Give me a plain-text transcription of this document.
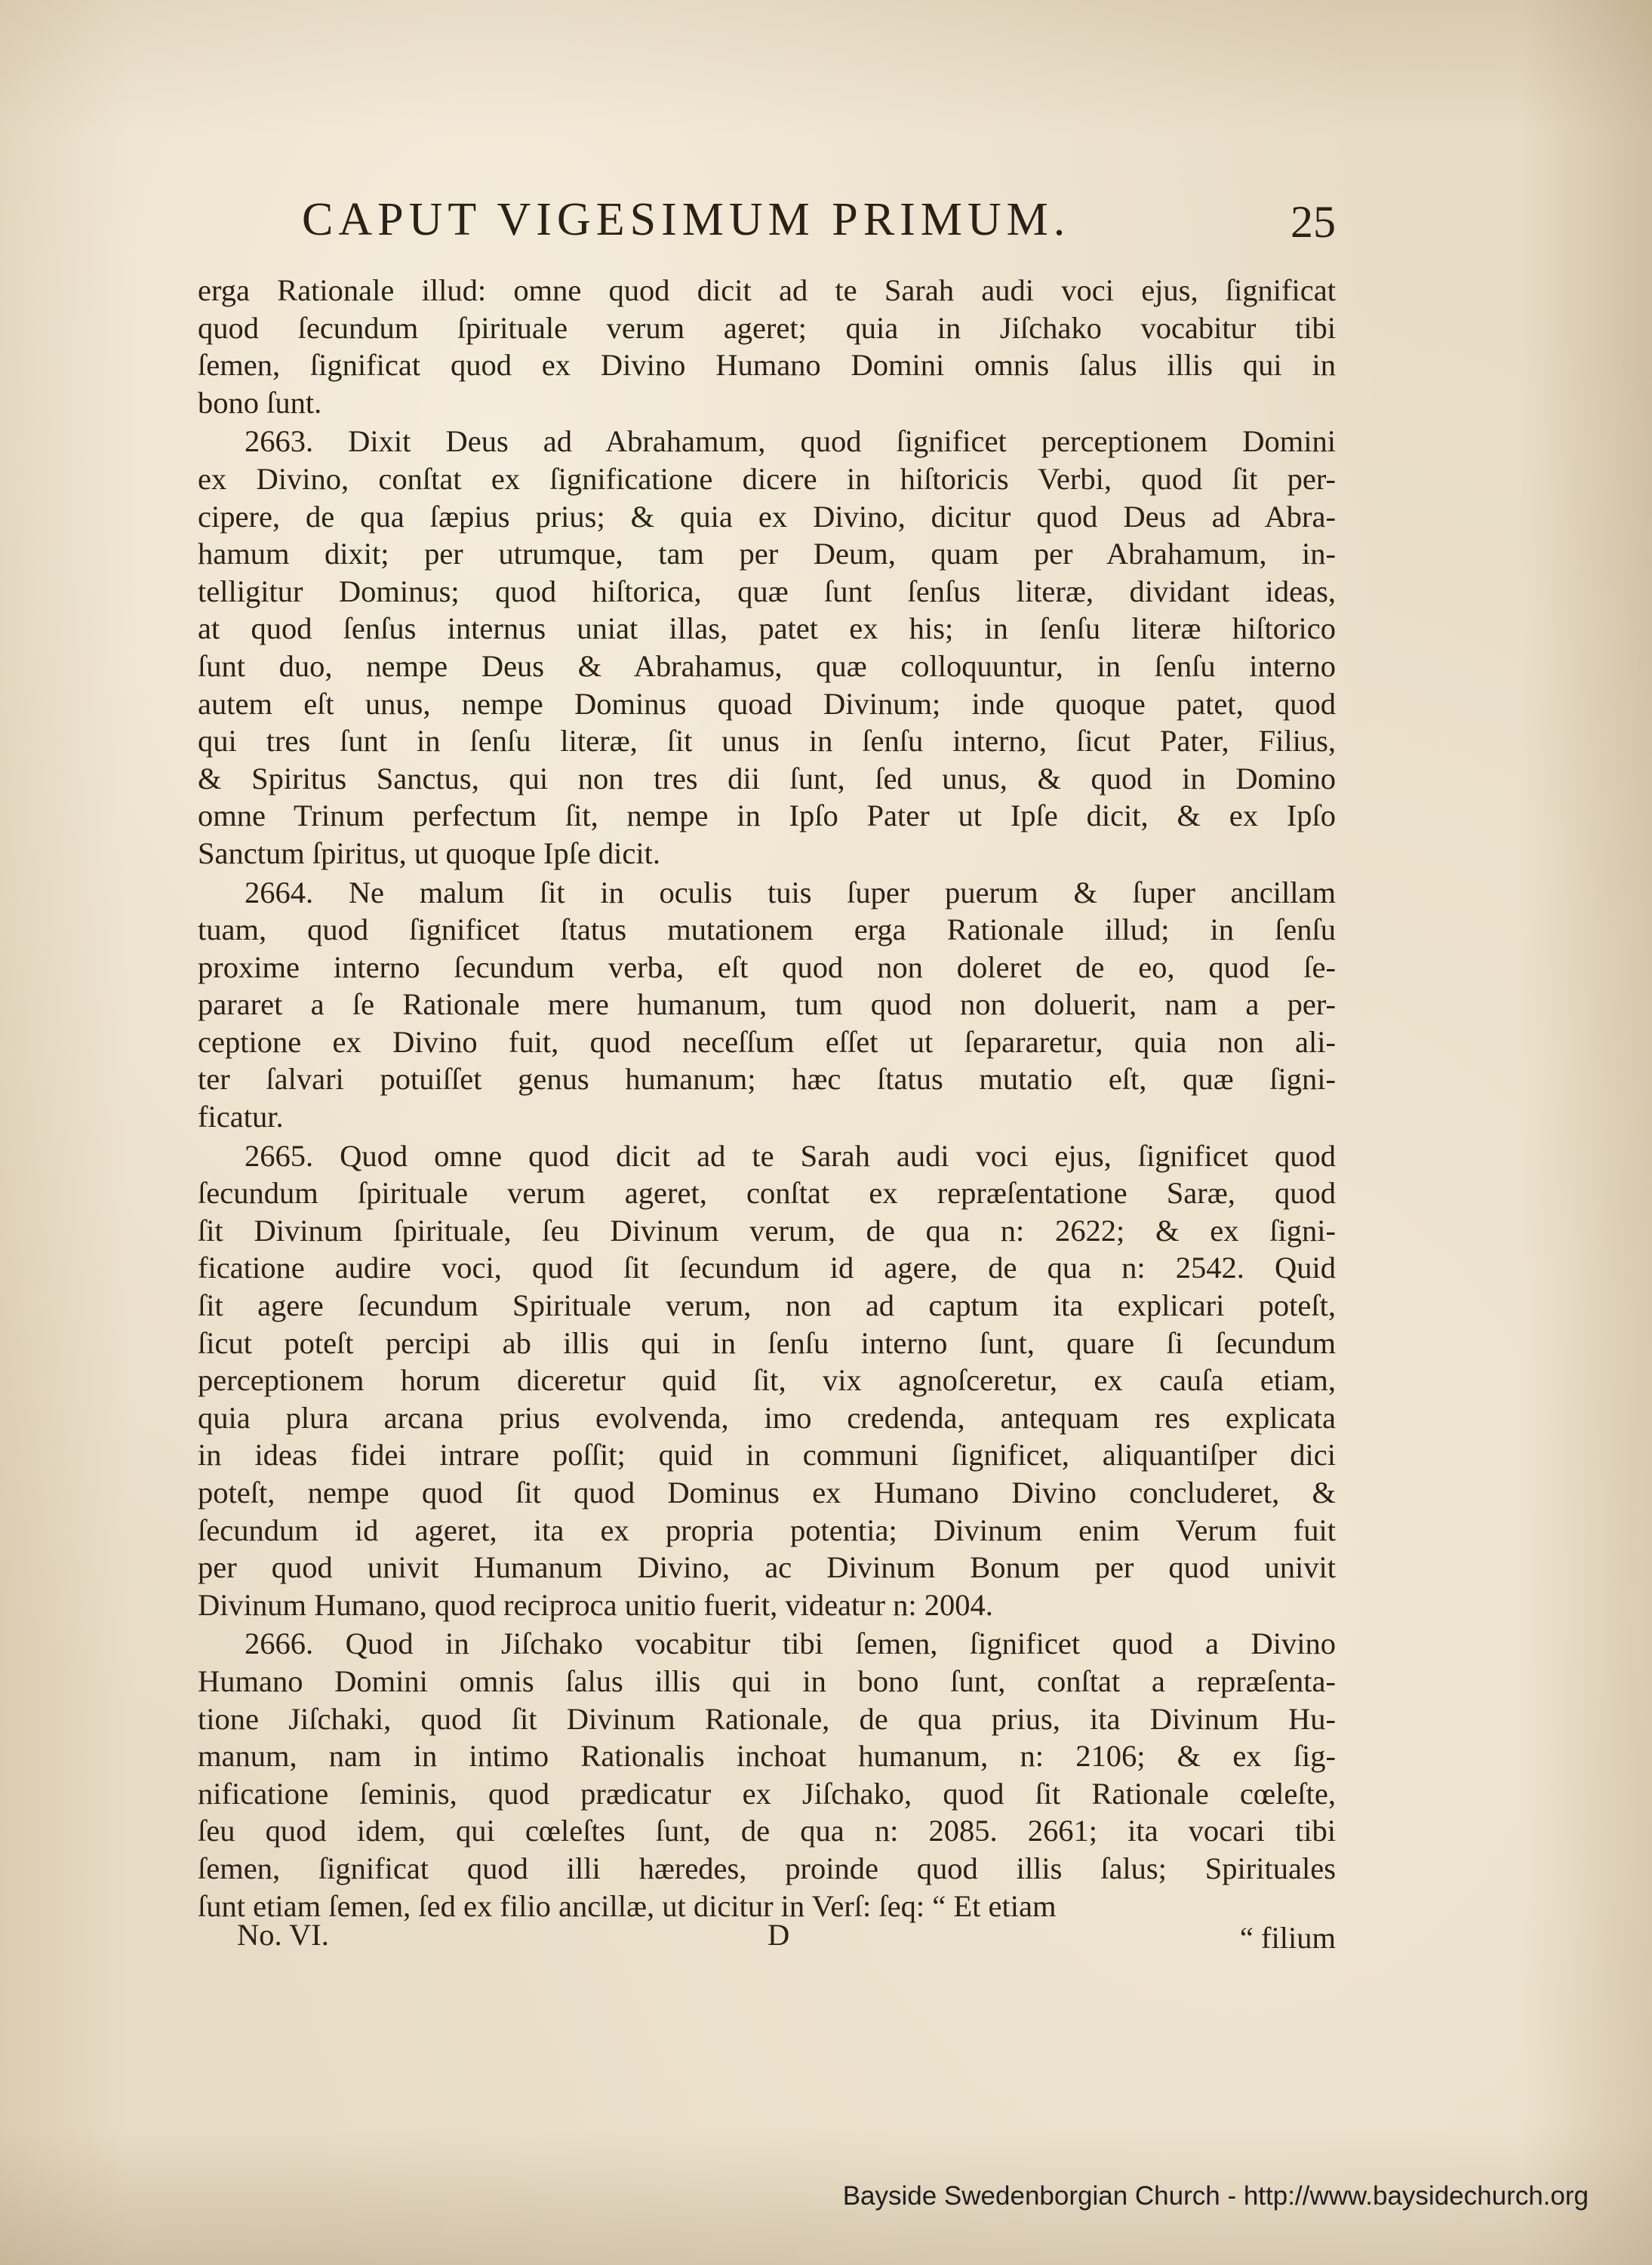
CAPUT VIGESIMUM PRIMUM.	25
erga Rationale illud: omne quod dicit ad te Sarah audi voci ejus, ſignificat
quod ſecundum ſpirituale verum ageret; quia in Jiſchako vocabitur tibi
ſemen, ſignificat quod ex Divino Humano Domini omnis ſalus illis qui in
bono ſunt.
2663. Dixit Deus ad Abrahamum, quod ſignificet perceptionem Domini
ex Divino, conſtat ex ſignificatione dicere in hiſtoricis Verbi, quod ſit per-
cipere, de qua ſæpius prius; & quia ex Divino, dicitur quod Deus ad Abra-
hamum dixit; per utrumque, tam per Deum, quam per Abrahamum, in-
telligitur Dominus; quod hiſtorica, quæ ſunt ſenſus literæ, dividant ideas,
at quod ſenſus internus uniat illas, patet ex his; in ſenſu literæ hiſtorico
ſunt duo, nempe Deus & Abrahamus, quæ colloquuntur, in ſenſu interno
autem eſt unus, nempe Dominus quoad Divinum; inde quoque patet, quod
qui tres ſunt in ſenſu literæ, ſit unus in ſenſu interno, ſicut Pater, Filius,
& Spiritus Sanctus, qui non tres dii ſunt, ſed unus, & quod in Domino
omne Trinum perfectum ſit, nempe in Ipſo Pater ut Ipſe dicit, & ex Ipſo
Sanctum ſpiritus, ut quoque Ipſe dicit.
2664. Ne malum ſit in oculis tuis ſuper puerum & ſuper ancillam
tuam, quod ſignificet ſtatus mutationem erga Rationale illud; in ſenſu
proxime interno ſecundum verba, eſt quod non doleret de eo, quod ſe-
pararet a ſe Rationale mere humanum, tum quod non doluerit, nam a per-
ceptione ex Divino fuit, quod neceſſum eſſet ut ſepararetur, quia non ali-
ter ſalvari potuiſſet genus humanum; hæc ſtatus mutatio eſt, quæ ſigni-
ficatur.
2665. Quod omne quod dicit ad te Sarah audi voci ejus, ſignificet quod
ſecundum ſpirituale verum ageret, conſtat ex repræſentatione Saræ, quod
ſit Divinum ſpirituale, ſeu Divinum verum, de qua n: 2622; & ex ſigni-
ficatione audire voci, quod ſit ſecundum id agere, de qua n: 2542. Quid
ſit agere ſecundum Spirituale verum, non ad captum ita explicari poteſt,
ſicut poteſt percipi ab illis qui in ſenſu interno ſunt, quare ſi ſecundum
perceptionem horum diceretur quid ſit, vix agnoſceretur, ex cauſa etiam,
quia plura arcana prius evolvenda, imo credenda, antequam res explicata
in ideas fidei intrare poſſit; quid in communi ſignificet, aliquantiſper dici
poteſt, nempe quod ſit quod Dominus ex Humano Divino concluderet, &
ſecundum id ageret, ita ex propria potentia; Divinum enim Verum fuit
per quod univit Humanum Divino, ac Divinum Bonum per quod univit
Divinum Humano, quod reciproca unitio fuerit, videatur n: 2004.
2666. Quod in Jiſchako vocabitur tibi ſemen, ſignificet quod a Divino
Humano Domini omnis ſalus illis qui in bono ſunt, conſtat a repræſenta-
tione Jiſchaki, quod ſit Divinum Rationale, de qua prius, ita Divinum Hu-
manum, nam in intimo Rationalis inchoat humanum, n: 2106; & ex ſig-
nificatione ſeminis, quod prædicatur ex Jiſchako, quod ſit Rationale cœleſte,
ſeu quod idem, qui cœleſtes ſunt, de qua n: 2085. 2661; ita vocari tibi
ſemen, ſignificat quod illi hæredes, proinde quod illis ſalus; Spirituales
ſunt etiam ſemen, ſed ex filio ancillæ, ut dicitur in Verſ: ſeq: “ Et etiam
No. VI.	D	“ filium
Bayside Swedenborgian Church - http://www.baysidechurch.org
